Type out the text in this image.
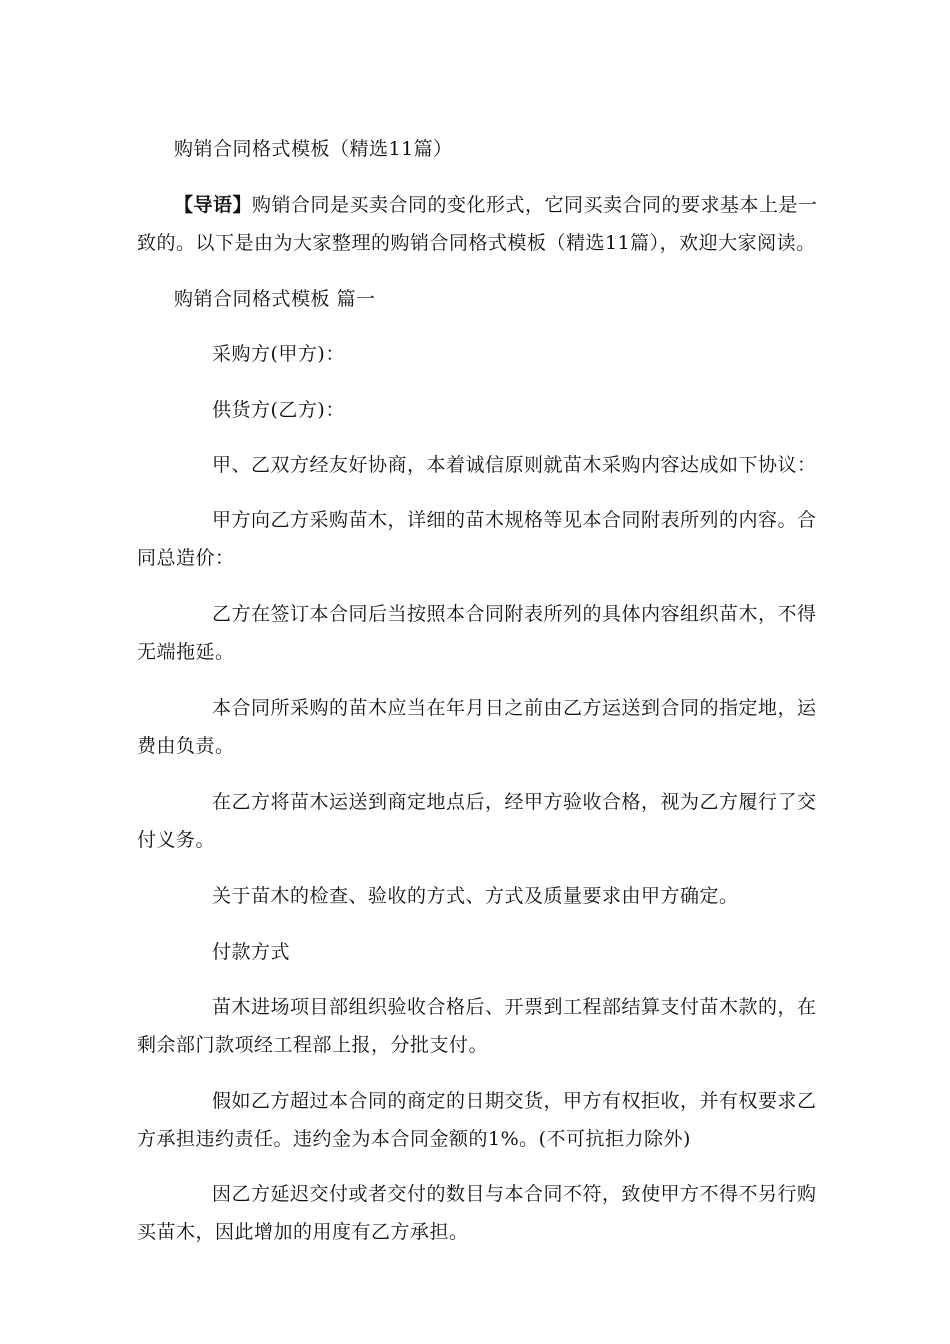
购销合同格式模板（精选11篇）
【导语】购销合同是买卖合同的变化形式，它同买卖合同的要求基本上是一
致的。以下是由为大家整理的购销合同格式模板（精选11篇），欢迎大家阅读。
购销合同格式模板 篇一
采购方(甲方)：
供货方(乙方)：
甲、乙双方经友好协商，本着诚信原则就苗木采购内容达成如下协议：
甲方向乙方采购苗木，详细的苗木规格等见本合同附表所列的内容。合
同总造价：
乙方在签订本合同后当按照本合同附表所列的具体内容组织苗木，不得
无端拖延。
本合同所采购的苗木应当在年月日之前由乙方运送到合同的指定地，运
费由负责。
在乙方将苗木运送到商定地点后，经甲方验收合格，视为乙方履行了交
付义务。
关于苗木的检查、验收的方式、方式及质量要求由甲方确定。
付款方式
苗木进场项目部组织验收合格后、开票到工程部结算支付苗木款的，在
剩余部门款项经工程部上报，分批支付。
假如乙方超过本合同的商定的日期交货，甲方有权拒收，并有权要求乙
方承担违约责任。违约金为本合同金额的1%。(不可抗拒力除外)
因乙方延迟交付或者交付的数目与本合同不符，致使甲方不得不另行购
买苗木，因此增加的用度有乙方承担。
